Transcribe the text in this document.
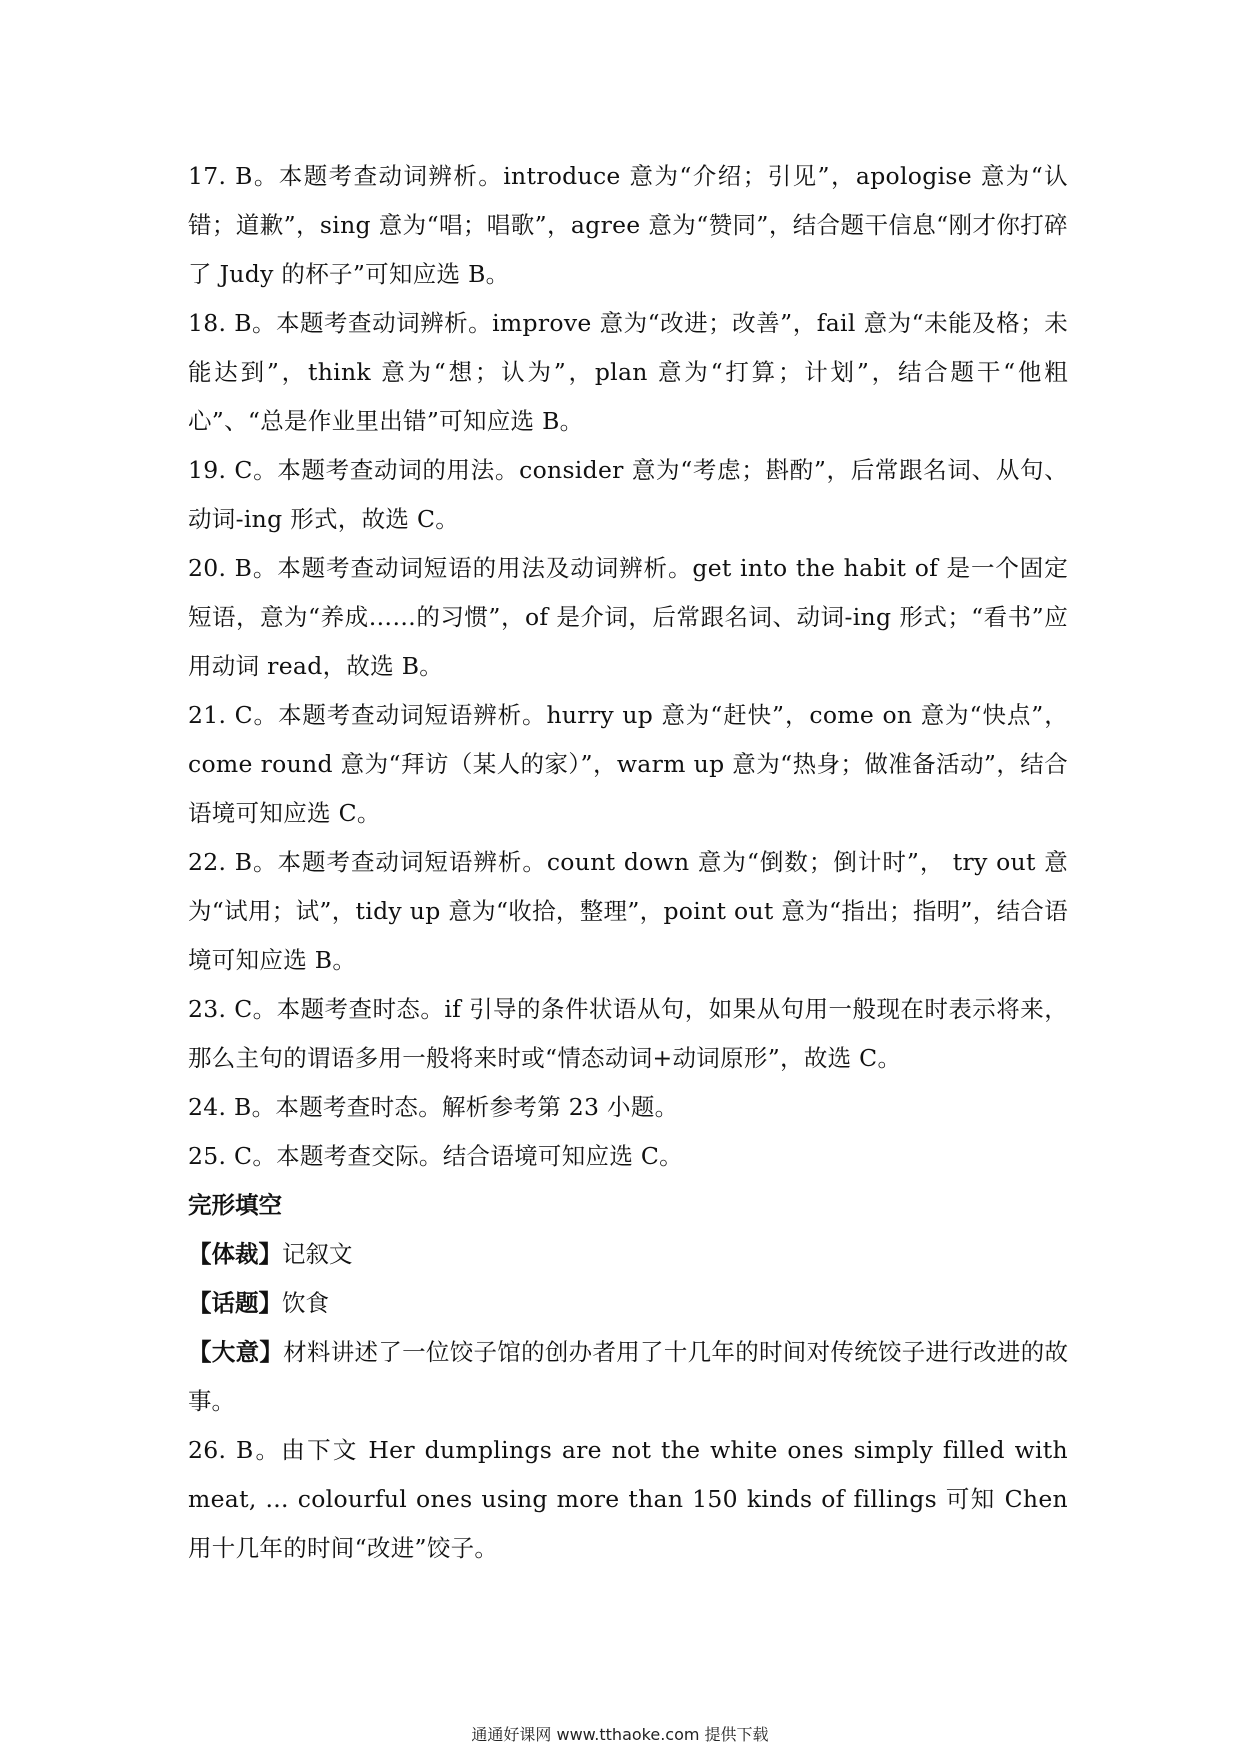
17. B。本题考查动词辨析。introduce 意为“介绍；引见”，apologise 意为“认错；道歉”，sing 意为“唱；唱歌”，agree 意为“赞同”，结合题干信息“刚才你打碎了 Judy 的杯子”可知应选 B。

18. B。本题考查动词辨析。improve 意为“改进；改善”，fail 意为“未能及格；未能达到”，think 意为“想；认为”，plan 意为“打算；计划”，结合题干“他粗心”、“总是作业里出错”可知应选 B。

19. C。本题考查动词的用法。consider 意为“考虑；斟酌”，后常跟名词、从句、动词-ing 形式，故选 C。

20. B。本题考查动词短语的用法及动词辨析。get into the habit of 是一个固定短语，意为“养成……的习惯”，of 是介词，后常跟名词、动词-ing 形式；“看书”应用动词 read，故选 B。

21. C。本题考查动词短语辨析。hurry up 意为“赶快”，come on 意为“快点”，come round 意为“拜访（某人的家）”，warm up 意为“热身；做准备活动”，结合语境可知应选 C。

22. B。本题考查动词短语辨析。count down 意为“倒数；倒计时”， try out 意为“试用；试”，tidy up 意为“收拾，整理”，point out 意为“指出；指明”，结合语境可知应选 B。

23. C。本题考查时态。if 引导的条件状语从句，如果从句用一般现在时表示将来，那么主句的谓语多用一般将来时或“情态动词+动词原形”，故选 C。

24. B。本题考查时态。解析参考第 23 小题。

25. C。本题考查交际。结合语境可知应选 C。

完形填空

【体裁】记叙文

【话题】饮食

【大意】材料讲述了一位饺子馆的创办者用了十几年的时间对传统饺子进行改进的故事。

26. B。由下文 Her dumplings are not the white ones simply filled with meat, ... colourful ones using more than 150 kinds of fillings 可知 Chen 用十几年的时间“改进”饺子。

通通好课网 www.tthaoke.com 提供下载
